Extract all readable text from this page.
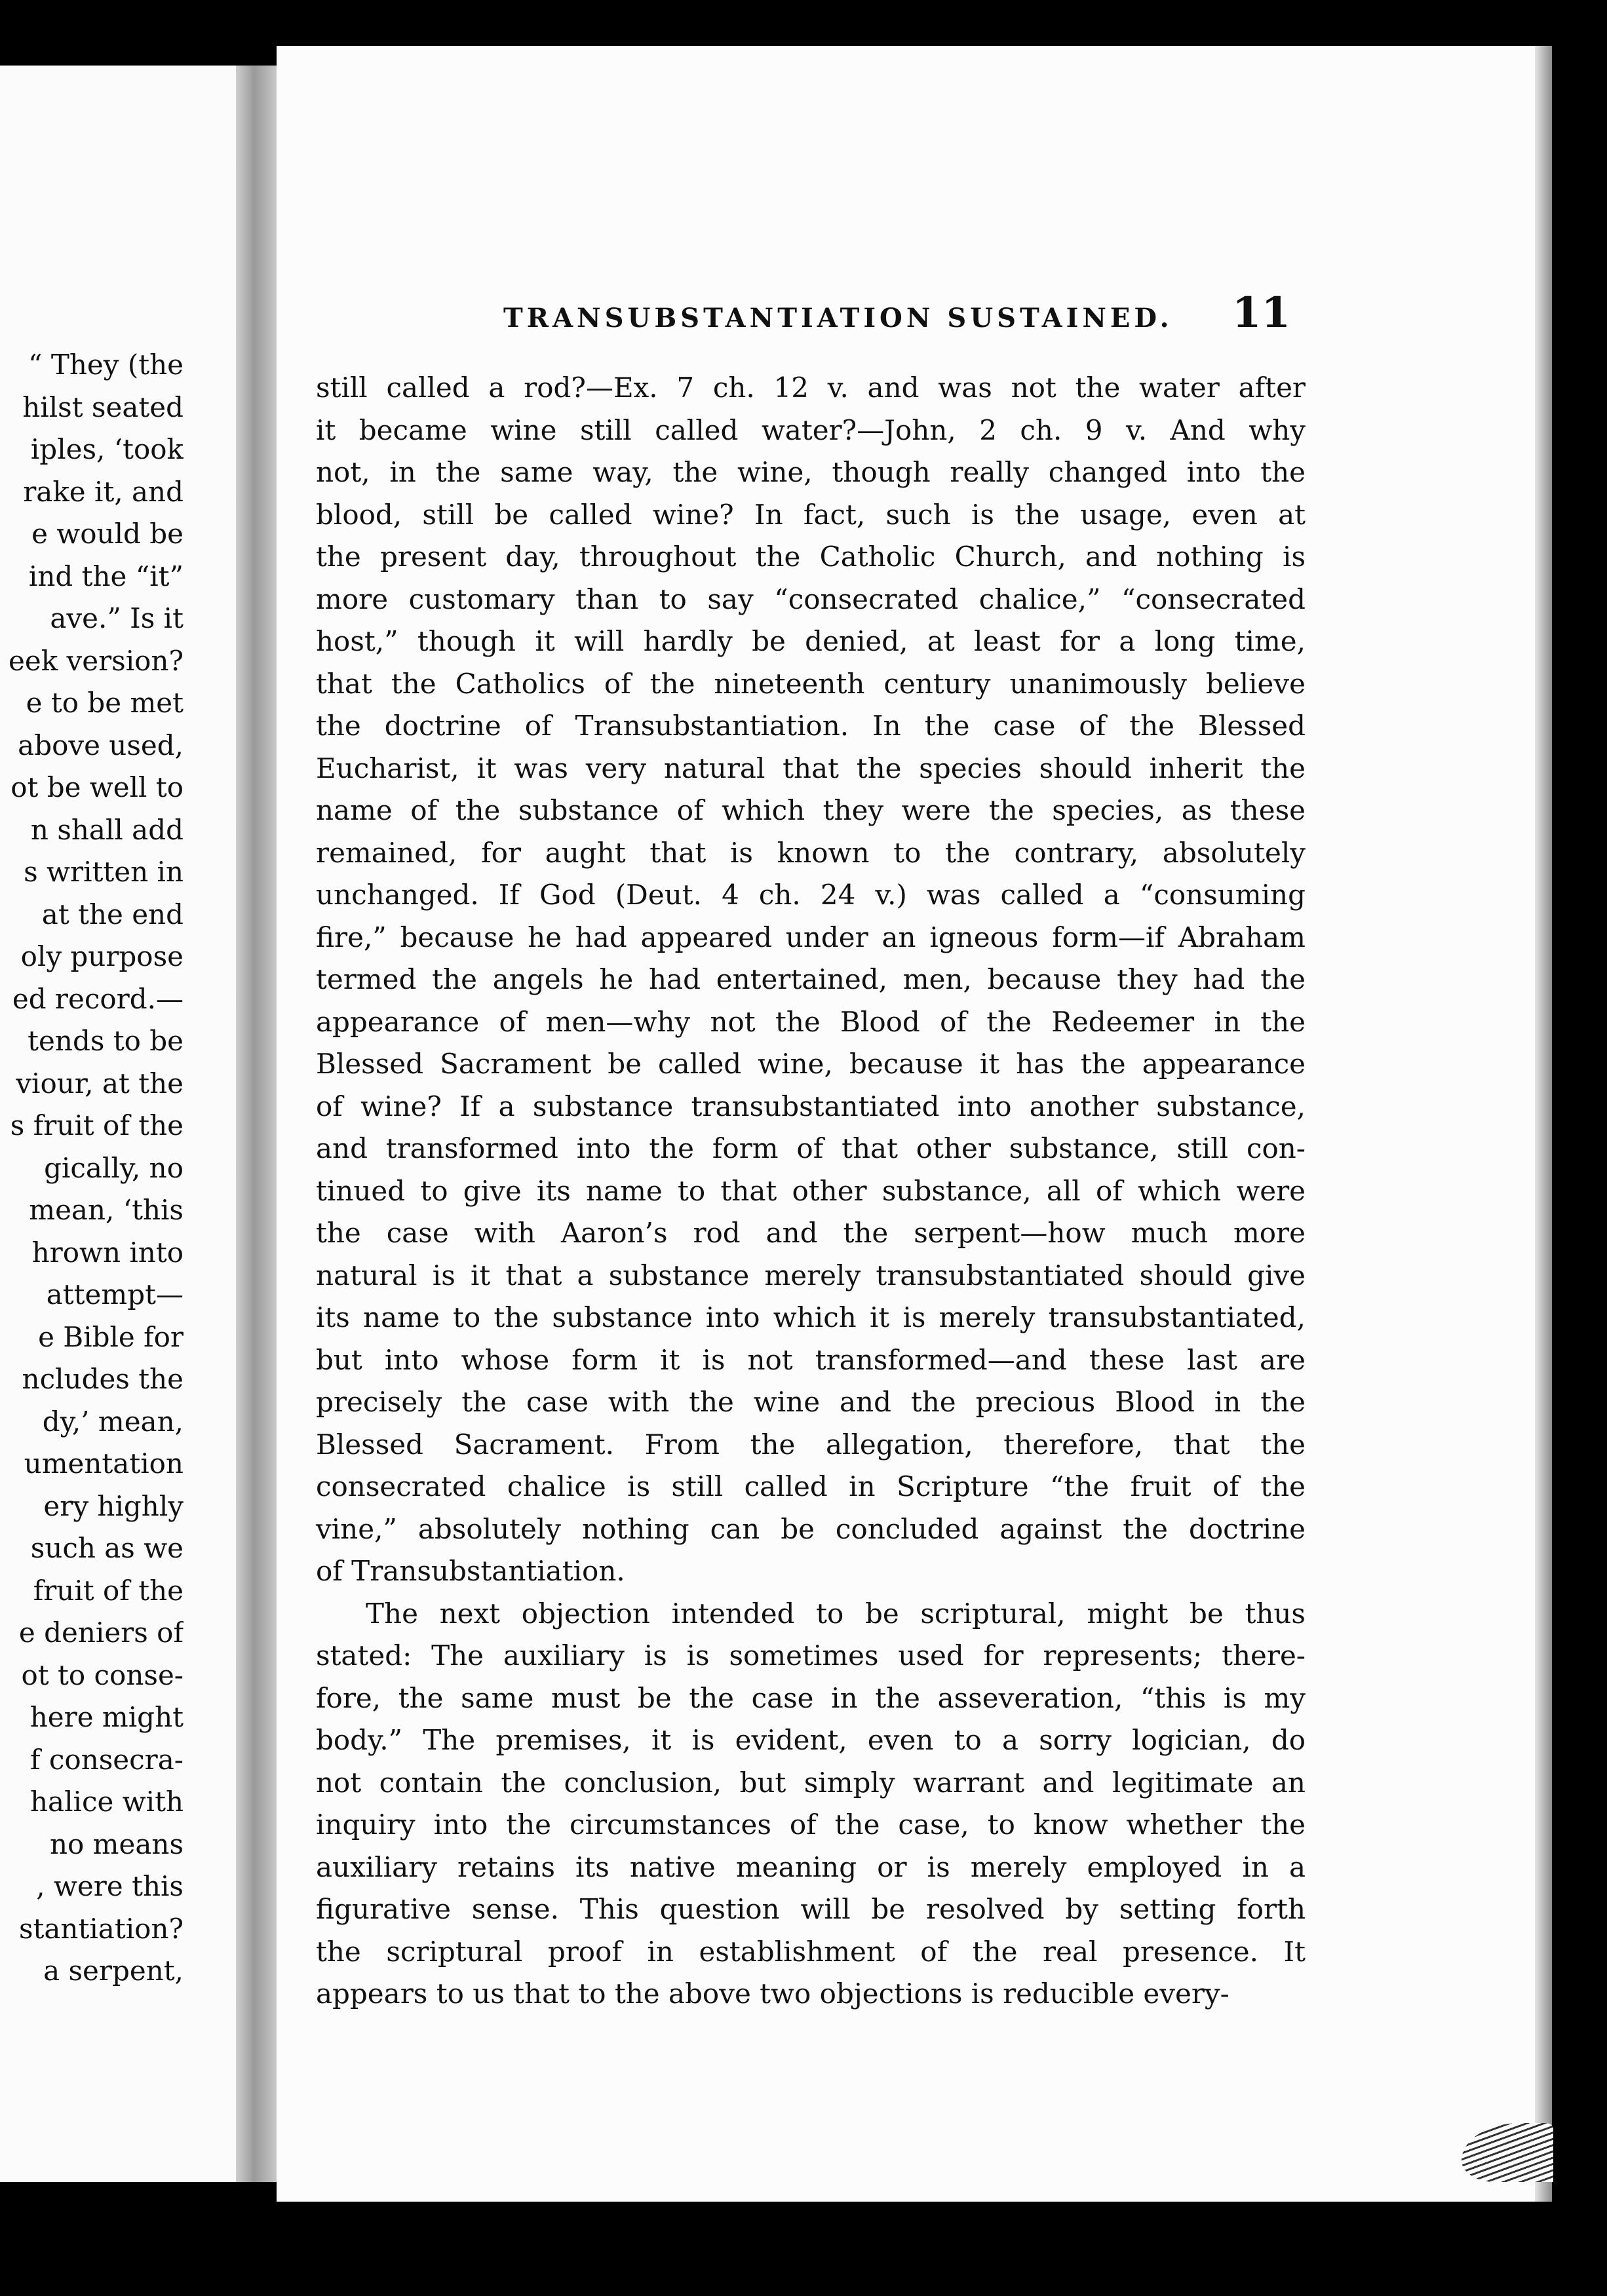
“ They (the
hilst seated
iples, ‘took
rake it, and
e would be
ind the “it”
ave.” Is it
eek version?
e to be met
above used,
ot be well to
n shall add
s written in
at the end
oly purpose
ed record.—
tends to be
viour, at the
s fruit of the
gically, no
mean, ‘this
hrown into
attempt—
e Bible for
ncludes the
dy,’ mean,
umentation
ery highly
such as we
fruit of the
e deniers of
ot to conse-
here might
f consecra-
halice with
no means
, were this
stantiation?
a serpent,
TRANSUBSTANTIATION SUSTAINED.	11
still called a rod?—Ex. 7 ch. 12 v. and was not the water after
it became wine still called water?—John, 2 ch. 9 v. And why
not, in the same way, the wine, though really changed into the
blood, still be called wine? In fact, such is the usage, even at
the present day, throughout the Catholic Church, and nothing is
more customary than to say “consecrated chalice,” “consecrated
host,” though it will hardly be denied, at least for a long time,
that the Catholics of the nineteenth century unanimously believe
the doctrine of Transubstantiation. In the case of the Blessed
Eucharist, it was very natural that the species should inherit the
name of the substance of which they were the species, as these
remained, for aught that is known to the contrary, absolutely
unchanged. If God (Deut. 4 ch. 24 v.) was called a “consuming
fire,” because he had appeared under an igneous form—if Abraham
termed the angels he had entertained, men, because they had the
appearance of men—why not the Blood of the Redeemer in the
Blessed Sacrament be called wine, because it has the appearance
of wine? If a substance transubstantiated into another substance,
and transformed into the form of that other substance, still con-
tinued to give its name to that other substance, all of which were
the case with Aaron’s rod and the serpent—how much more
natural is it that a substance merely transubstantiated should give
its name to the substance into which it is merely transubstantiated,
but into whose form it is not transformed—and these last are
precisely the case with the wine and the precious Blood in the
Blessed Sacrament. From the allegation, therefore, that the
consecrated chalice is still called in Scripture “the fruit of the
vine,” absolutely nothing can be concluded against the doctrine
of Transubstantiation.
The next objection intended to be scriptural, might be thus
stated: The auxiliary is is sometimes used for represents; there-
fore, the same must be the case in the asseveration, “this is my
body.” The premises, it is evident, even to a sorry logician, do
not contain the conclusion, but simply warrant and legitimate an
inquiry into the circumstances of the case, to know whether the
auxiliary retains its native meaning or is merely employed in a
figurative sense. This question will be resolved by setting forth
the scriptural proof in establishment of the real presence. It
appears to us that to the above two objections is reducible every-
